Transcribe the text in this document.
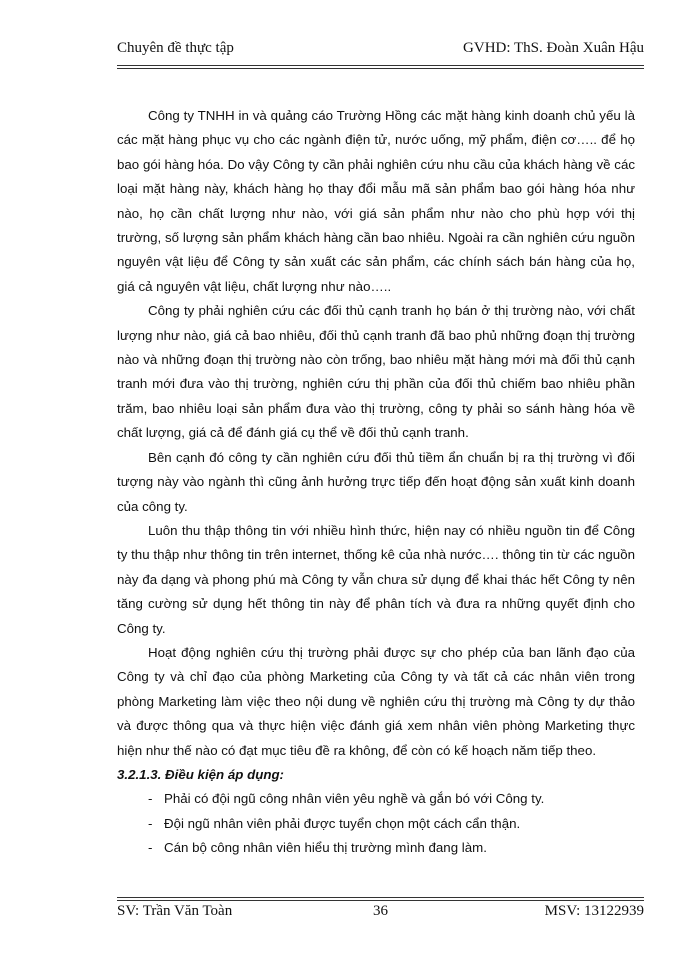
Chuyên đề thực tập	GVHD: ThS. Đoàn Xuân Hậu

Công ty TNHH in và quảng cáo Trường Hồng các mặt hàng kinh doanh chủ yếu là các mặt hàng phục vụ cho các ngành điện tử, nước uống, mỹ phẩm, điện cơ….. để họ bao gói hàng hóa. Do vậy Công ty cần phải nghiên cứu nhu cầu của khách hàng về các loại mặt hàng này, khách hàng họ thay đổi mẫu mã sản phẩm bao gói hàng hóa như nào, họ cần chất lượng như nào, với giá sản phẩm như nào cho phù hợp với thị trường, số lượng sản phẩm khách hàng cần bao nhiêu. Ngoài ra cần nghiên cứu nguồn nguyên vật liệu để Công ty sản xuất các sản phẩm, các chính sách bán hàng của họ, giá cả nguyên vật liệu, chất lượng như nào…..

Công ty phải nghiên cứu các đối thủ cạnh tranh họ bán ở thị trường nào, với chất lượng như nào, giá cả bao nhiêu, đối thủ cạnh tranh đã bao phủ những đoạn thị trường nào và những đoạn thị trường nào còn trống, bao nhiêu mặt hàng mới mà đối thủ cạnh tranh mới đưa vào thị trường, nghiên cứu thị phần của đối thủ chiếm bao nhiêu phần trăm, bao nhiêu loại sản phẩm đưa vào thị trường, công ty phải so sánh hàng hóa về chất lượng, giá cả để đánh giá cụ thể về đối thủ cạnh tranh.

Bên cạnh đó công ty cần nghiên cứu đối thủ tiềm ẩn chuẩn bị ra thị trường vì đối tượng này vào ngành thì cũng ảnh hưởng trực tiếp đến hoạt động sản xuất kinh doanh của công ty.

Luôn thu thập thông tin với nhiều hình thức, hiện nay có nhiều nguồn tin để Công ty thu thập như thông tin trên internet, thống kê của nhà nước…. thông tin từ các nguồn này đa dạng và phong phú mà Công ty vẫn chưa sử dụng để khai thác hết Công ty nên tăng cường sử dụng hết thông tin này để phân tích và đưa ra những quyết định cho Công ty.

Hoạt động nghiên cứu thị trường phải được sự cho phép của ban lãnh đạo của Công ty và chỉ đạo của phòng Marketing của Công ty và tất cả các nhân viên trong phòng Marketing làm việc theo nội dung về nghiên cứu thị trường mà Công ty dự thảo và được thông qua và thực hiện việc đánh giá xem nhân viên phòng Marketing thực hiện như thế nào có đạt mục tiêu đề ra không, để còn có kế hoạch năm tiếp theo.

3.2.1.3. Điều kiện áp dụng:

- Phải có đội ngũ công nhân viên yêu nghề và gắn bó với Công ty.
- Đội ngũ nhân viên phải được tuyển chọn một cách cẩn thận.
- Cán bộ công nhân viên hiểu thị trường mình đang làm.
SV: Trần Văn Toàn	36	MSV: 13122939
